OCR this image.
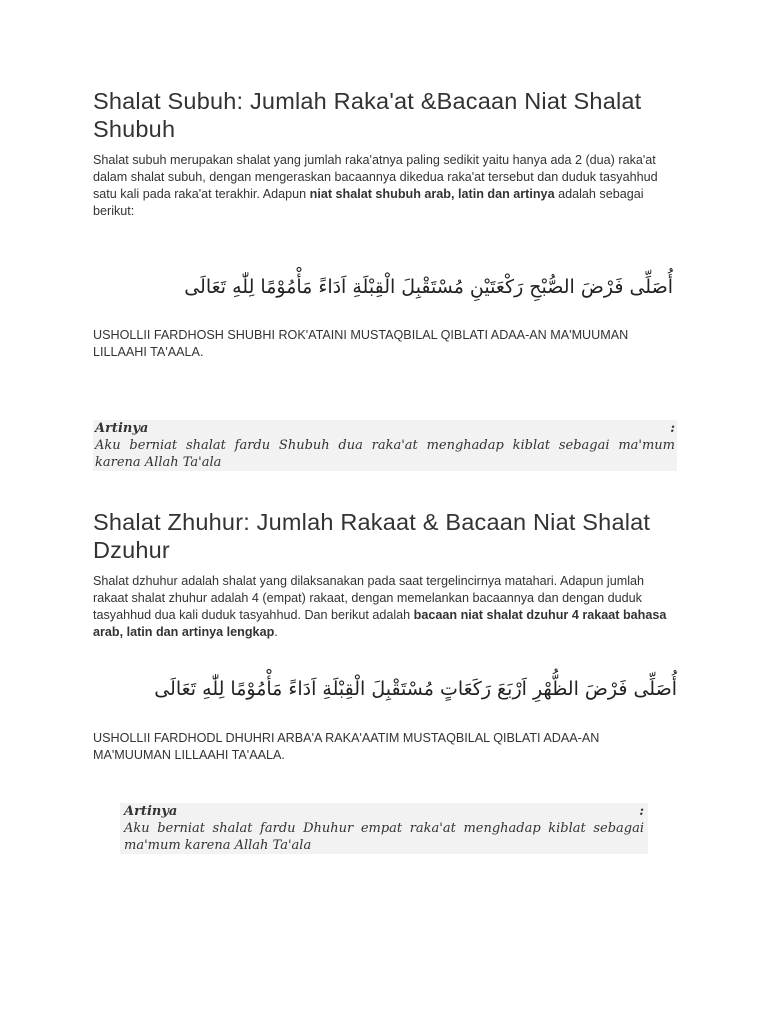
Shalat Subuh: Jumlah Raka'at &Bacaan Niat Shalat Shubuh

Shalat subuh merupakan shalat yang jumlah raka'atnya paling sedikit yaitu hanya ada 2 (dua) raka'at dalam shalat subuh, dengan mengeraskan bacaannya dikedua raka'at tersebut dan duduk tasyahhud satu kali pada raka'at terakhir. Adapun niat shalat shubuh arab, latin dan artinya adalah sebagai berikut:

أُصَلِّى فَرْضَ الصُّبْحِ رَكْعَتَيْنِ مُسْتَقْبِلَ الْقِبْلَةِ اَدَاءً مَأْمُوْمًا لِلّٰهِ تَعَالَى

USHOLLII FARDHOSH SHUBHI ROK'ATAINI MUSTAQBILAL QIBLATI ADAA-AN MA'MUUMAN LILLAAHI TA'AALA.

Artinya	:
Aku berniat shalat fardu Shubuh dua raka'at menghadap kiblat sebagai ma'mum karena Allah Ta'ala
Shalat Zhuhur: Jumlah Rakaat & Bacaan Niat Shalat Dzuhur

Shalat dzhuhur adalah shalat yang dilaksanakan pada saat tergelincirnya matahari. Adapun jumlah rakaat shalat zhuhur adalah 4 (empat) rakaat, dengan memelankan bacaannya dan dengan duduk tasyahhud dua kali duduk tasyahhud. Dan berikut adalah bacaan niat shalat dzuhur 4 rakaat bahasa arab, latin dan artinya lengkap.

أُصَلِّى فَرْضَ الظُّهْرِ اَرْبَعَ رَكَعَاتٍ مُسْتَقْبِلَ الْقِبْلَةِ اَدَاءً مَأْمُوْمًا لِلّٰهِ تَعَالَى

USHOLLII FARDHODL DHUHRI ARBA'A RAKA'AATIM MUSTAQBILAL QIBLATI ADAA-AN MA'MUUMAN LILLAAHI TA'AALA.

Artinya	:
Aku berniat shalat fardu Dhuhur empat raka'at menghadap kiblat sebagai ma'mum karena Allah Ta'ala
